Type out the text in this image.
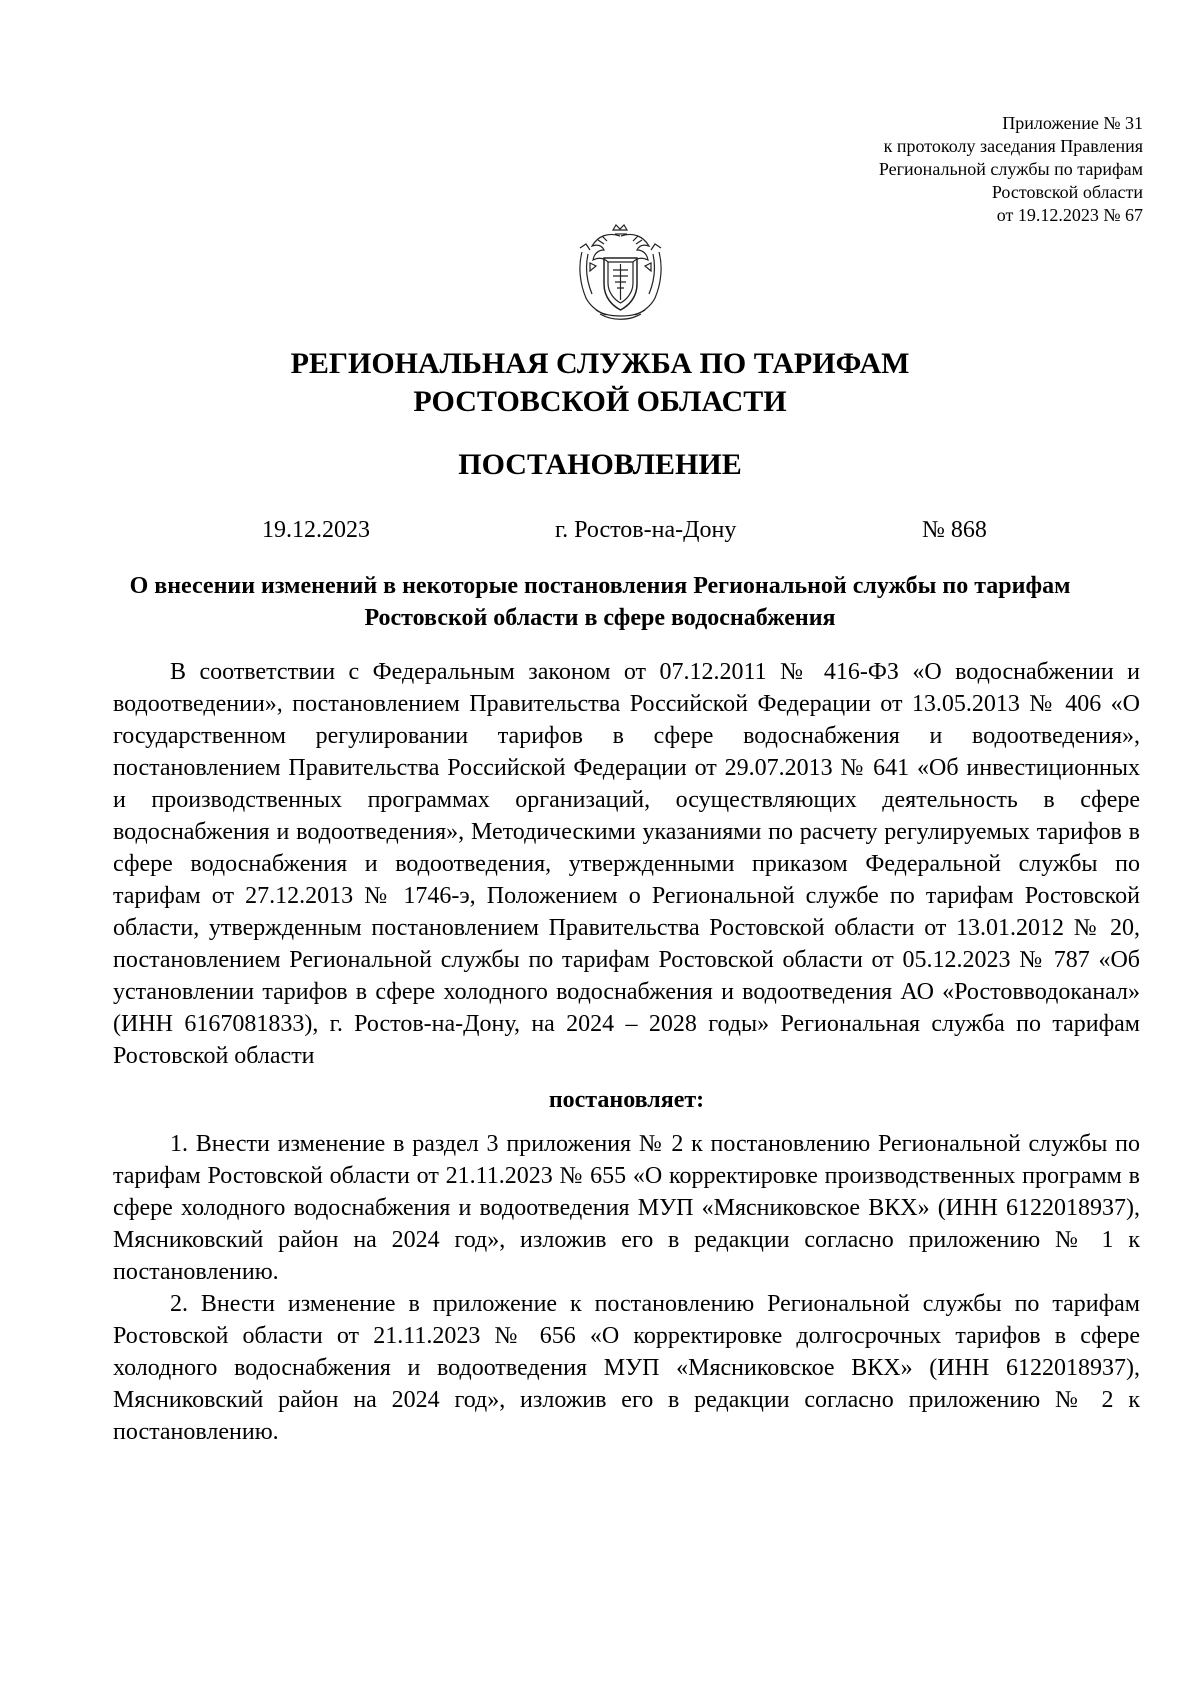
Приложение № 31
к протоколу заседания Правления
Региональной службы по тарифам
Ростовской области
от 19.12.2023 № 67
РЕГИОНАЛЬНАЯ СЛУЖБА ПО ТАРИФАМ
РОСТОВСКОЙ ОБЛАСТИ
ПОСТАНОВЛЕНИЕ
19.12.2023	г. Ростов-на-Дону	№ 868
О внесении изменений в некоторые постановления Региональной службы по тарифам Ростовской области в сфере водоснабжения

В соответствии с Федеральным законом от 07.12.2011 № 416-ФЗ «О водоснабжении и водоотведении», постановлением Правительства Российской Федерации от 13.05.2013 № 406 «О государственном регулировании тарифов в сфере водоснабжения и водоотведения», постановлением Правительства Российской Федерации от 29.07.2013 № 641 «Об инвестиционных и производственных программах организаций, осуществляющих деятельность в сфере водоснабжения и водоотведения», Методическими указаниями по расчету регулируемых тарифов в сфере водоснабжения и водоотведения, утвержденными приказом Федеральной службы по тарифам от 27.12.2013 № 1746-э, Положением о Региональной службе по тарифам Ростовской области, утвержденным постановлением Правительства Ростовской области от 13.01.2012 № 20, постановлением Региональной службы по тарифам Ростовской области от 05.12.2023 № 787 «Об установлении тарифов в сфере холодного водоснабжения и водоотведения АО «Ростовводоканал» (ИНН 6167081833), г. Ростов-на-Дону, на 2024 – 2028 годы» Региональная служба по тарифам Ростовской области

постановляет:

1. Внести изменение в раздел 3 приложения № 2 к постановлению Региональной службы по тарифам Ростовской области от 21.11.2023 № 655 «О корректировке производственных программ в сфере холодного водоснабжения и водоотведения МУП «Мясниковское ВКХ» (ИНН 6122018937), Мясниковский район на 2024 год», изложив его в редакции согласно приложению № 1 к постановлению.

2. Внести изменение в приложение к постановлению Региональной службы по тарифам Ростовской области от 21.11.2023 № 656 «О корректировке долгосрочных тарифов в сфере холодного водоснабжения и водоотведения МУП «Мясниковское ВКХ» (ИНН 6122018937), Мясниковский район на 2024 год», изложив его в редакции согласно приложению № 2 к постановлению.
